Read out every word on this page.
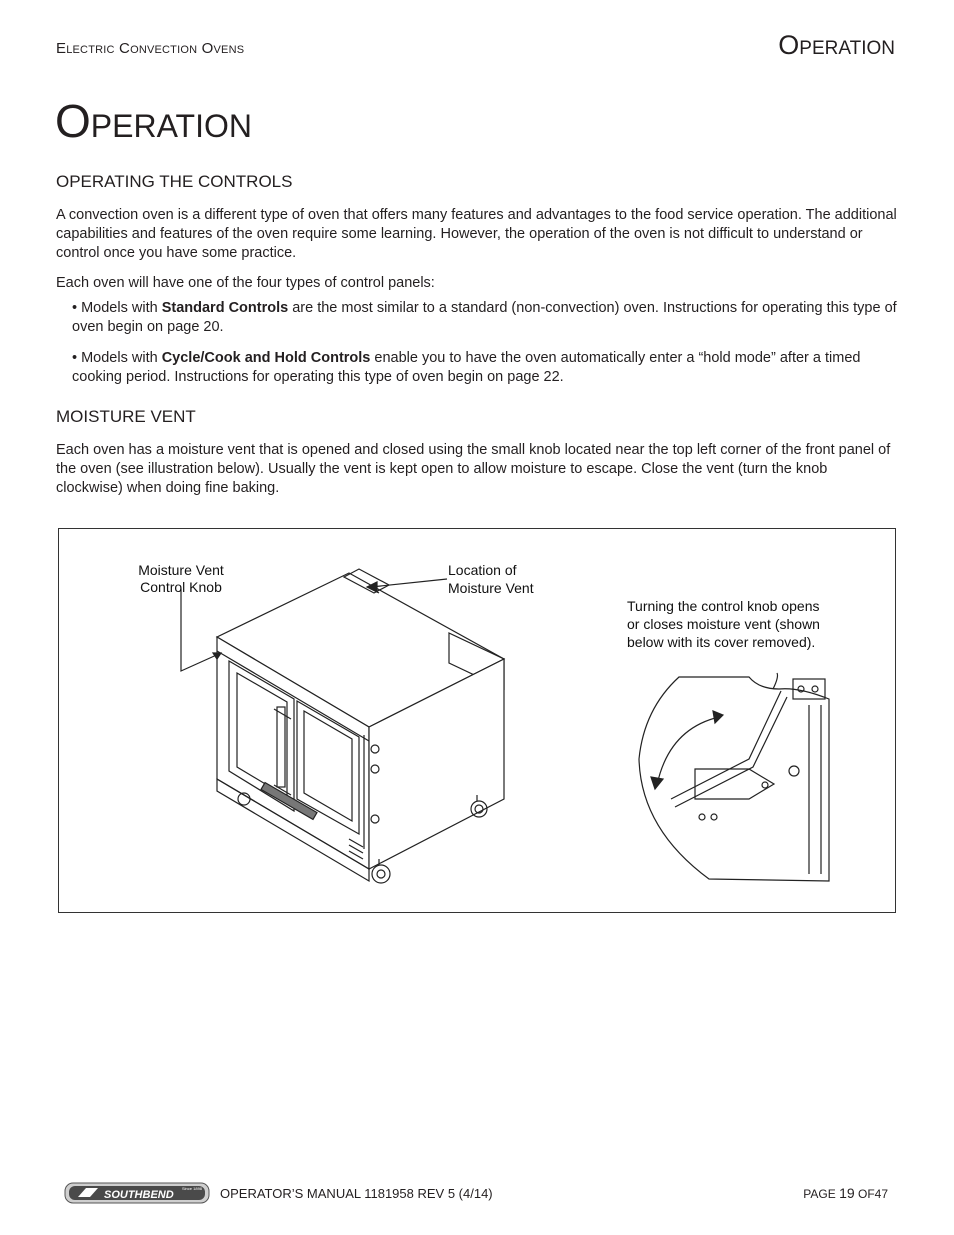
Electric Convection Ovens	Operation
Operation
OPERATING THE CONTROLS

A convection oven is a different type of oven that offers many features and advantages to the food service operation. The additional capabilities and features of the oven require some learning. However, the operation of the oven is not difficult to understand or control once you have some practice.

Each oven will have one of the four types of control panels:

• Models with Standard Controls are the most similar to a standard (non-convection) oven. Instructions for operating this type of oven begin on page 20.

• Models with Cycle/Cook and Hold Controls enable you to have the oven automatically enter a “hold mode” after a timed cooking period. Instructions for operating this type of oven begin on page 22.

MOISTURE VENT

Each oven has a moisture vent that is opened and closed using the small knob located near the top left corner of the front panel of the oven (see illustration below). Usually the vent is kept open to allow moisture to escape. Close the vent (turn the knob clockwise) when doing fine baking.

Moisture Vent
Control Knob
Location of
Moisture Vent
Turning the control knob opens
or closes moisture vent (shown
below with its cover removed).
SOUTHBEND
Since 1898 OPERATOR’S MANUAL 1181958 REV 5 (4/14)	PAGE 19 OF47
